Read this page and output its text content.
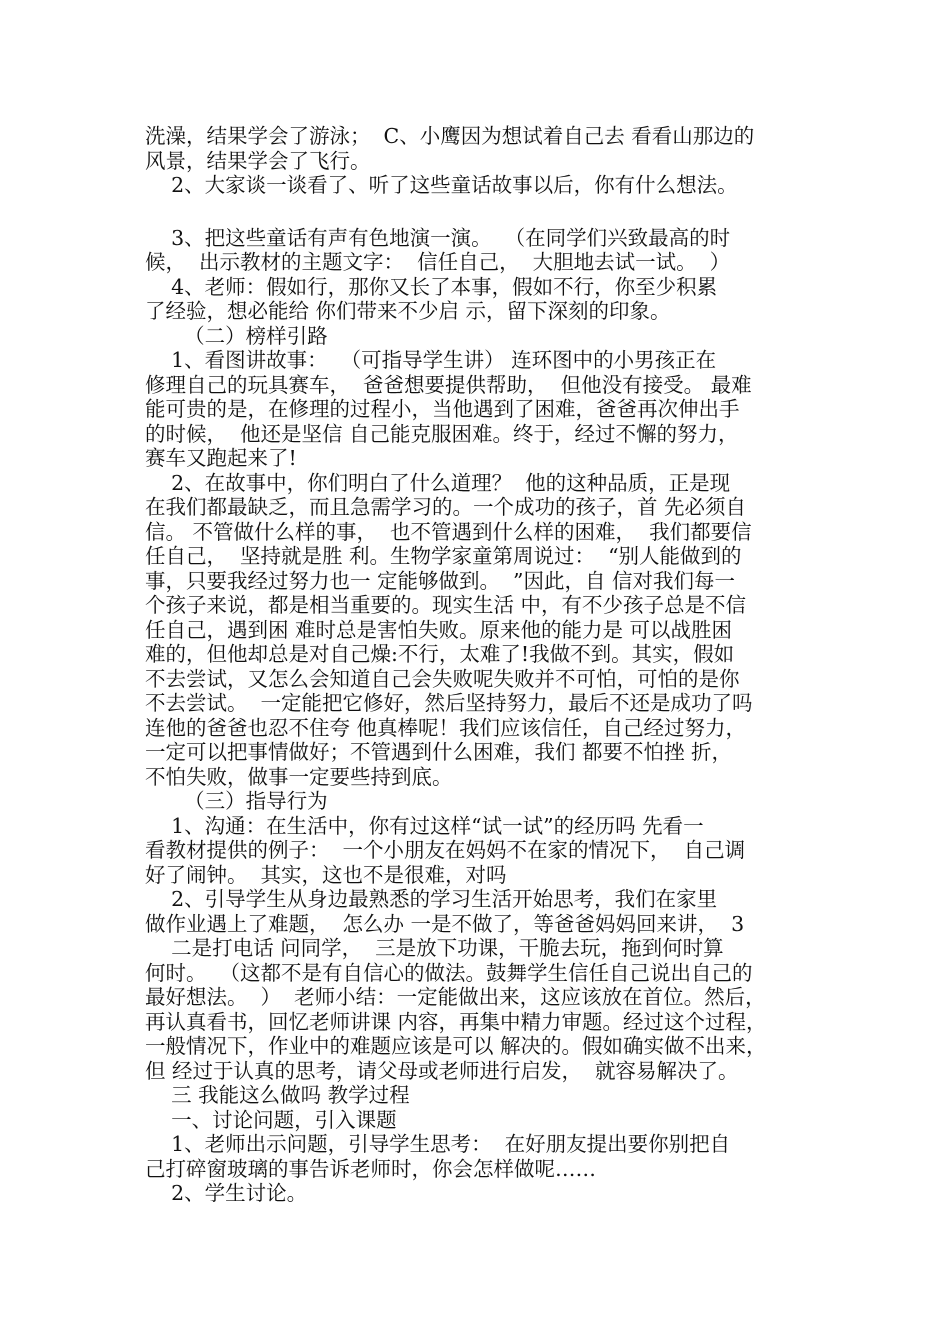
洗澡，结果学会了游泳；  C、小鹰因为想试着自己去 看看山那边的
风景，结果学会了飞行。
2、大家谈一谈看了、听了这些童话故事以后，你有什么想法。
3、把这些童话有声有色地演一演。  （在同学们兴致最高的时
候，  出示教材的主题文字：  信任自己，  大胆地去试一试。  ）
4、老师：假如行，那你又长了本事，假如不行，你至少积累
了经验，想必能给 你们带来不少启 示，留下深刻的印象。
（二）榜样引路
1、看图讲故事：  （可指导学生讲） 连环图中的小男孩正在
修理自己的玩具赛车，  爸爸想要提供帮助，  但他没有接受。 最难
能可贵的是，在修理的过程小，当他遇到了困难，爸爸再次伸出手
的时候，  他还是坚信 自己能克服困难。终于，经过不懈的努力，
赛车又跑起来了!
2、在故事中，你们明白了什么道理？  他的这种品质，正是现
在我们都最缺乏，而且急需学习的。一个成功的孩子，首 先必须自
信。 不管做什么样的事，  也不管遇到什么样的困难，  我们都要信
任自己，  坚持就是胜 利。生物学家童第周说过：  “别人能做到的
事，只要我经过努力也一 定能够做到。  ”因此，自 信对我们每一
个孩子来说，都是相当重要的。现实生活 中，有不少孩子总是不信
任自己，遇到困 难时总是害怕失败。原来他的能力是 可以战胜困
难的，但他却总是对自己燥:不行，太难了!我做不到。其实，假如
不去尝试，又怎么会知道自己会失败呢失败并不可怕，可怕的是你
不去尝试。  一定能把它修好，然后坚持努力，最后不还是成功了吗
连他的爸爸也忍不住夸 他真棒呢！我们应该信任，自己经过努力，
一定可以把事情做好；不管遇到什么困难，我们 都要不怕挫 折，
不怕失败，做事一定要些持到底。
（三）指导行为
1、沟通：在生活中，你有过这样“试一试”的经历吗 先看一
看教材提供的例子：  一个小朋友在妈妈不在家的情况下，  自己调
好了闹钟。  其实，这也不是很难，对吗
2、引导学生从身边最熟悉的学习生活开始思考，我们在家里
做作业遇上了难题，  怎么办 一是不做了，等爸爸妈妈回来讲，  3
二是打电话 问同学，  三是放下功课，干脆去玩，拖到何时算
何时。  （这都不是有自信心的做法。鼓舞学生信任自己说出自己的
最好想法。  ）  老师小结：一定能做出来，这应该放在首位。然后，
再认真看书，回忆老师讲课 内容，再集中精力审题。经过这个过程，
一般情况下，作业中的难题应该是可以 解决的。假如确实做不出来，
但 经过于认真的思考，请父母或老师进行启发，  就容易解决了。
三 我能这么做吗 教学过程
一、讨论问题，引入课题
1、老师出示问题，引导学生思考：  在好朋友提出要你别把自
己打碎窗玻璃的事告诉老师时，你会怎样做呢……
2、学生讨论。
